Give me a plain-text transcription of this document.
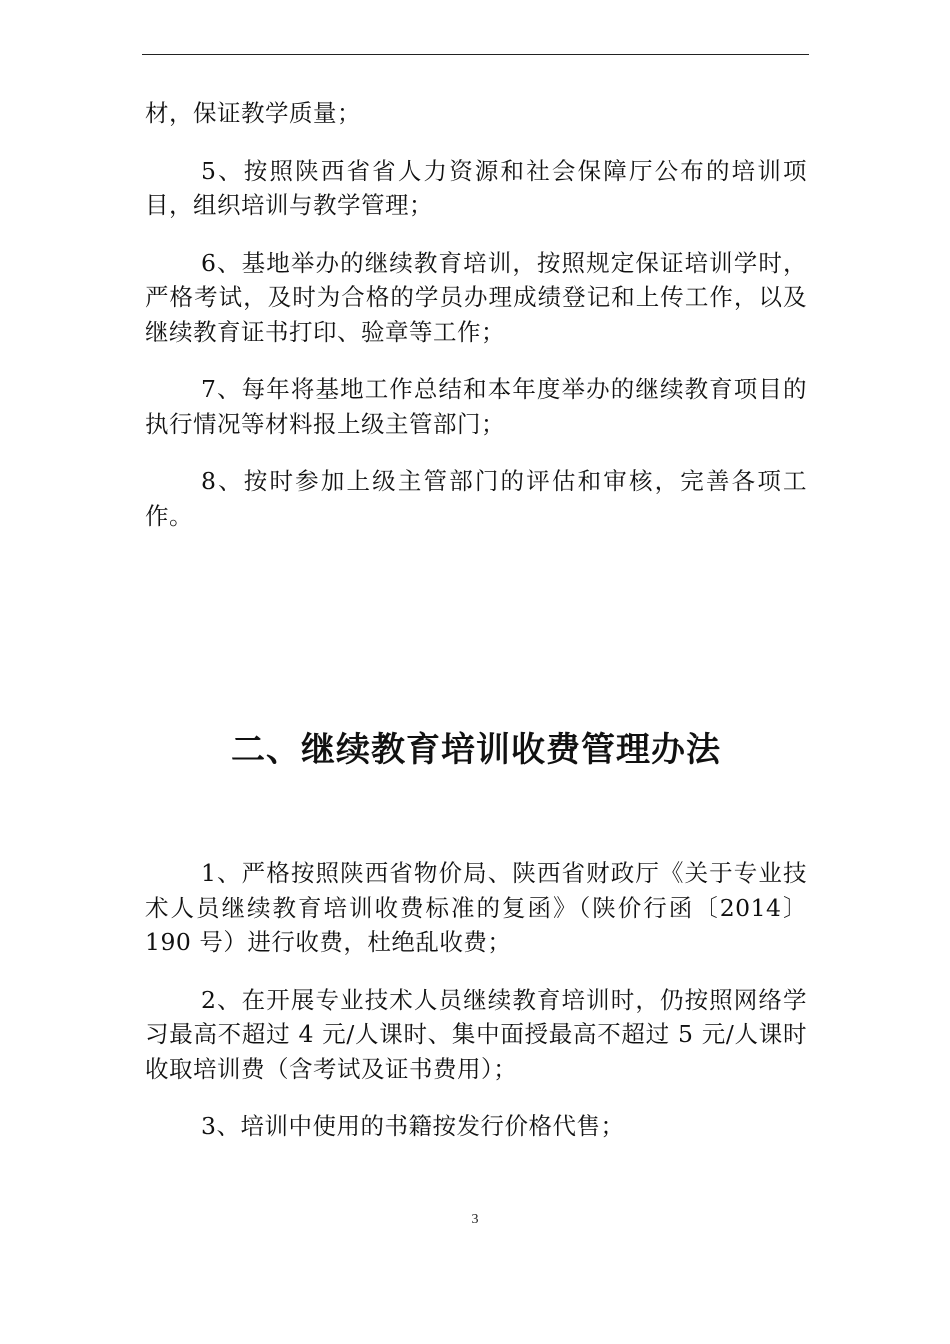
材，保证教学质量；

5、按照陕西省省人力资源和社会保障厅公布的培训项目，组织培训与教学管理；

6、基地举办的继续教育培训，按照规定保证培训学时，严格考试，及时为合格的学员办理成绩登记和上传工作，以及继续教育证书打印、验章等工作；

7、每年将基地工作总结和本年度举办的继续教育项目的执行情况等材料报上级主管部门；

8、按时参加上级主管部门的评估和审核，完善各项工作。

二、继续教育培训收费管理办法

1、严格按照陕西省物价局、陕西省财政厅《关于专业技术人员继续教育培训收费标准的复函》（陕价行函〔2014〕190 号）进行收费，杜绝乱收费；

2、在开展专业技术人员继续教育培训时，仍按照网络学习最高不超过 4 元/人课时、集中面授最高不超过 5 元/人课时收取培训费（含考试及证书费用）；

3、培训中使用的书籍按发行价格代售；

3
